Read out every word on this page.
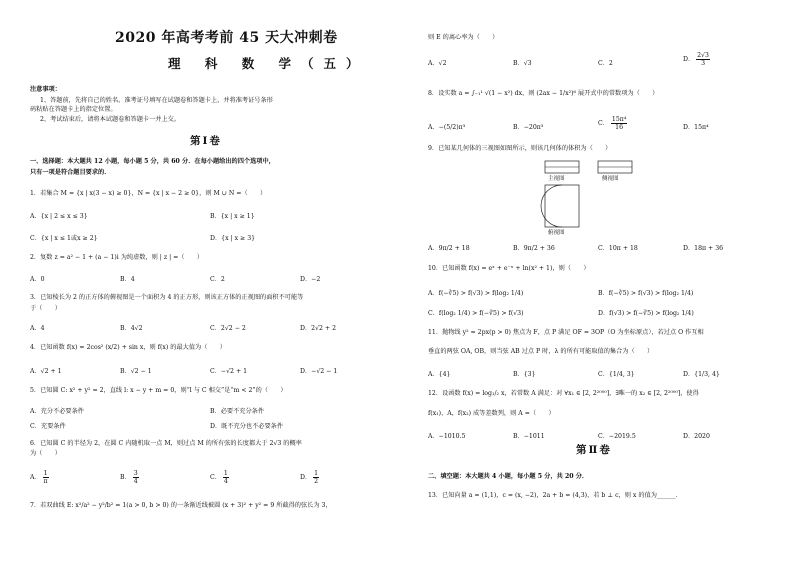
2020 年高考考前 45 天大冲刺卷
理 科 数 学（五）
注意事项：
1、答题前，先将自己的姓名、准考证号填写在试题卷和答题卡上，并将准考证号条形
码粘贴在答题卡上的指定位置。
2、考试结束后，请将本试题卷和答题卡一并上交。
第Ⅰ卷
一、选择题：本大题共 12 小题，每小题 5 分，共 60 分．在每小题给出的四个选项中，
只有一项是符合题目要求的．
1．若集合 M = {x | x(3 − x) ≥ 0}，N = {x | x − 2 ≥ 0}，则 M ∪ N =（　　）
A．{x | 2 ≤ x ≤ 3}	B．{x | x ≥ 1}
C．{x | x ≤ 1或x ≥ 2}	D．{x | x ≥ 3}
2．复数 z = a² − 1 + (a − 1)i 为纯虚数，则 | z | =（　　）
A．0	B．4	C．2	D．−2
3．已知棱长为 2 的正方体的俯视图是一个面积为 4 的正方形，则该正方体的正视图的面积不可能等
于（　　）
A．4	B．4√2	C．2√2 − 2	D．2√2 + 2
4．已知函数 f(x) = 2cos² (x/2) + sin x，则 f(x) 的最大值为（　　）
A．√2 + 1	B．√2 − 1	C．−√2 + 1	D．−√2 − 1
5．已知圆 C: x² + y² = 2，直线 l: x − y + m = 0，则“l 与 C 相交”是“m < 2”的（　　）
A．充分不必要条件	B．必要不充分条件
C．充要条件	D．既不充分也不必要条件
6．已知圆 C 的半径为 2，在圆 C 内随机取一点 M，则过点 M 的所有弦的长度都大于 2√3 的概率
为（　　）
A． $\frac{1}{\pi}$	B． $\frac{3}{4}$	C． $\frac{1}{4}$	D． $\frac{1}{2}$
7．若双曲线 E: x²/a² − y²/b² = 1(a > 0, b > 0) 的一条渐近线被圆 (x + 3)² + y² = 9 所截得的弦长为 3，
则 E 的离心率为（　　）
A．√2	B．√3	C．2
D． $\frac{2√3}{3}$
8．设实数 a = ∫₋₁¹ √(1 − x²) dx，则 (2ax − 1/x²)⁶ 展开式中的常数项为（　　）
A．−(5/2)π³	B．−20π³
C． $\frac{\text{15π⁴}}{16}$	D．15π⁴
9．已知某几何体的三视图如图所示，则该几何体的体积为（　　）
主视图	侧视图
俯视图
A．9π/2 + 18	B．9π/2 + 36	C．10π + 18	D．18π + 36
10．已知函数 f(x) = eˣ + e⁻ˣ + ln(x² + 1)，则（　　）
A．f(−∛5) > f(√3) > f(log₂ 1/4)	B．f(−∛5) > f(√3) > f(log₂ 1/4)
C．f(log₂ 1/4) > f(−∛5) > f(√3)	D．f(√3) > f(−∛5) > f(log₂ 1/4)
11．抛物线 y² = 2px(p > 0) 焦点为 F，点 P 满足 OF = 3OP（O 为坐标原点），若过点 O 作互相
垂直的两弦 OA, OB，则当弦 AB 过点 P 时，λ 的所有可能取值的集合为（　　）
A．{4}	B．{3}	C．{1/4, 3}	D．{1/3, 4}
12．设函数 f(x) = log₁/₂ x，若常数 A 满足：对 ∀x₁ ∈ [2, 2²⁰⁰⁰]，∃唯一的 x₂ ∈ [2, 2²⁰⁰⁰]，使得
f(x₁)，A，f(x₂) 成等差数列，则 A =（　　）
A．−1010.5	B．−1011	C．−2019.5	D．2020
第Ⅱ卷
二、填空题：本大题共 4 小题，每小题 5 分，共 20 分．
13．已知向量 a = (1,1)，c = (x, −2)，2a + b = (4,3)，若 b ⊥ c，则 x 的值为______．
